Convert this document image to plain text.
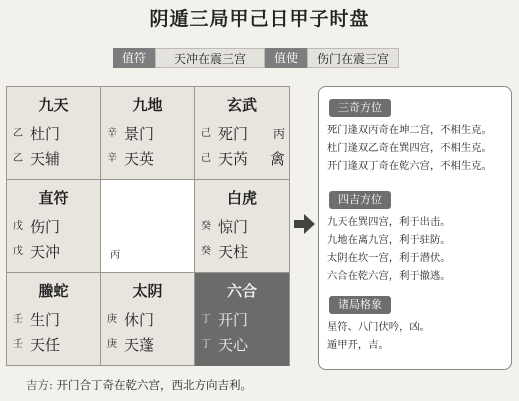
阴遁三局甲己日甲子时盘
值符	天冲在震三宫	值使	伤门在震三宫
九天
乙 杜门
乙 天辅
九地
辛 景门
辛 天英
玄武
己 死门 丙
己 天芮 禽
直符
戊 伤门
戊 天冲	丙
白虎
癸 惊门
癸 天柱
螣蛇
壬 生门
壬 天任
太阴
庚 休门
庚 天蓬
六合
丁 开门
丁 天心
吉方: 开门合丁奇在乾六宫，西北方向吉利。
三奇方位
死门逢双丙奇在坤二宫，不相生克。
杜门逢双乙奇在巽四宫，不相生克。
开门逢双丁奇在乾六宫，不相生克。
四吉方位
九天在巽四宫，利于出击。
九地在离九宫，利于驻防。
太阴在坎一宫，利于潜伏。
六合在乾六宫，利于撤逃。
诸局格象
星符、八门伏吟，凶。
遁甲开，吉。
